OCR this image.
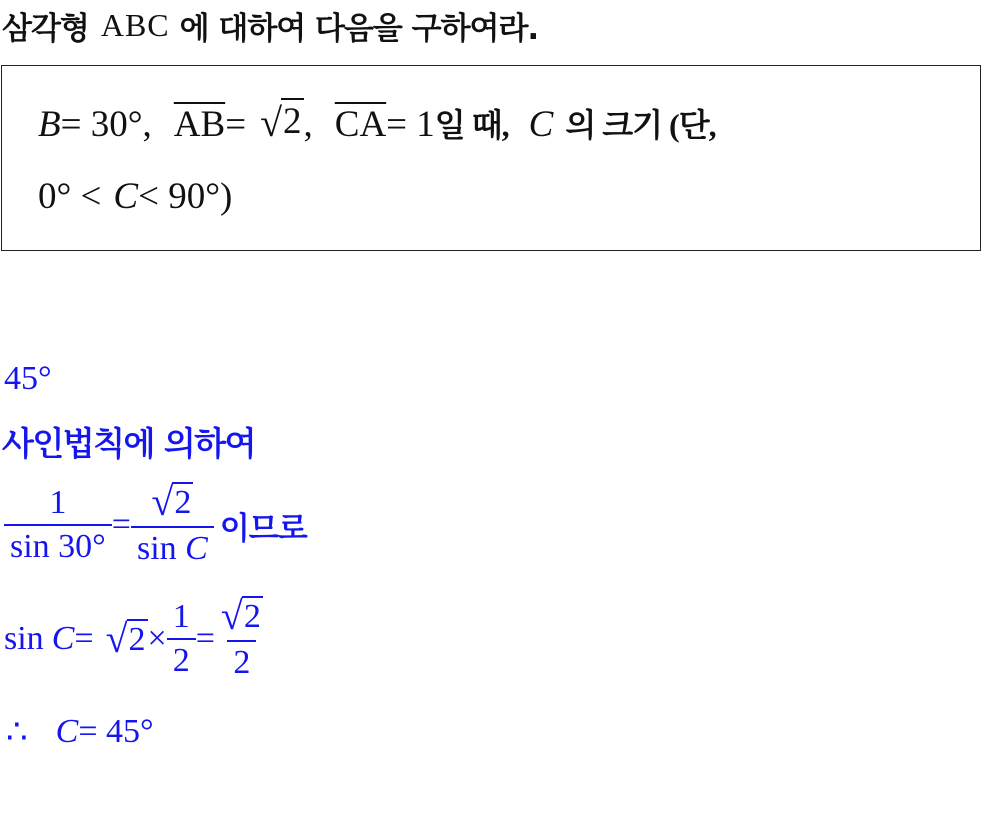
삼각형 ABC 에 대하여 다음을 구하여라.
B = 30°, $\overline{AB}$ = √ 2 , $\overline{CA} = 1$ 일 때, C 의 크기 (단,
0° < C < 90°)
45°
사인법칙에 의하여
$\frac{1}{\sin 30^\circ} = \frac{√ 2}{\text{sin C}}$ 이므로
sin C = √ $2 \times \frac{1}{2} = \frac{√ 2}{2}$
∴ C = 45°
